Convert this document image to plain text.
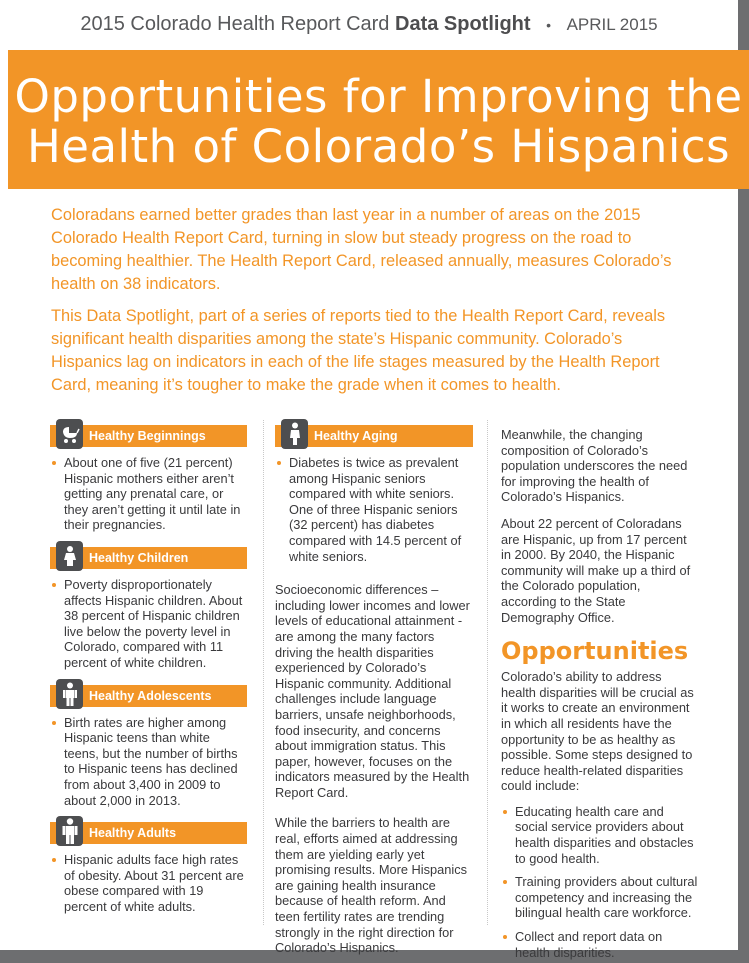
2015 Colorado Health Report Card Data Spotlight • APRIL 2015
Opportunities for Improving the
Health of Colorado’s Hispanics

Coloradans earned better grades than last year in a number of areas on the 2015 Colorado Health Report Card, turning in slow but steady progress on the road to becoming healthier. The Health Report Card, released annually, measures Colorado’s health on 38 indicators.

This Data Spotlight, part of a series of reports tied to the Health Report Card, reveals significant health disparities among the state’s Hispanic community. Colorado’s Hispanics lag on indicators in each of the life stages measured by the Health Report Card, meaning it’s tougher to make the grade when it comes to health.

Healthy Beginnings

About one of five (21 percent) Hispanic mothers either aren’t getting any prenatal care, or they aren’t getting it until late in their pregnancies.

Healthy Children

Poverty disproportionately affects Hispanic children. About 38 percent of Hispanic children live below the poverty level in Colorado, compared with 11 percent of white children.

Healthy Adolescents

Birth rates are higher among Hispanic teens than white teens, but the number of births to Hispanic teens has declined from about 3,400 in 2009 to about 2,000 in 2013.

Healthy Adults

Hispanic adults face high rates of obesity. About 31 percent are obese compared with 19 percent of white adults.

Healthy Aging

Diabetes is twice as prevalent among Hispanic seniors compared with white seniors. One of three Hispanic seniors (32 percent) has diabetes compared with 14.5 percent of white seniors.

Socioeconomic differences – including lower incomes and lower levels of educational attainment - are among the many factors driving the health disparities experienced by Colorado’s Hispanic community. Additional challenges include language barriers, unsafe neighborhoods, food insecurity, and concerns about immigration status. This paper, however, focuses on the indicators measured by the Health Report Card.

While the barriers to health are real, efforts aimed at addressing them are yielding early yet promising results. More Hispanics are gaining health insurance because of health reform. And teen fertility rates are trending strongly in the right direction for Colorado’s Hispanics.

Meanwhile, the changing composition of Colorado’s population underscores the need for improving the health of Colorado’s Hispanics.

About 22 percent of Coloradans are Hispanic, up from 17 percent in 2000. By 2040, the Hispanic community will make up a third of the Colorado population, according to the State Demography Office.

Opportunities

Colorado’s ability to address health disparities will be crucial as it works to create an environment in which all residents have the opportunity to be as healthy as possible. Some steps designed to reduce health-related disparities could include:

Educating health care and social service providers about health disparities and obstacles to good health.

Training providers about cultural competency and increasing the bilingual health care workforce.

Collect and report data on health disparities.
